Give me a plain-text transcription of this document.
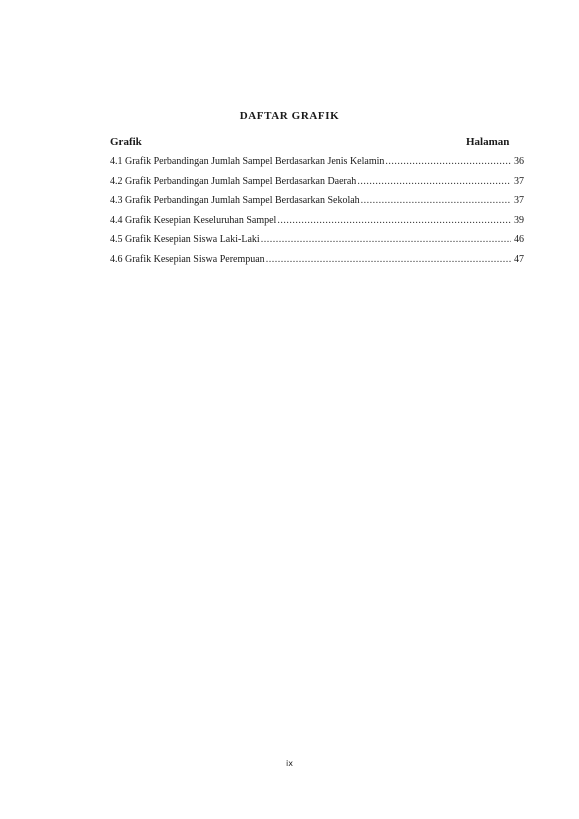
DAFTAR GRAFIK
Grafik	Halaman
4.1 Grafik Perbandingan Jumlah Sampel Berdasarkan Jenis Kelamin .....	36
4.2 Grafik Perbandingan Jumlah Sampel Berdasarkan Daerah .....	37
4.3 Grafik Perbandingan Jumlah Sampel Berdasarkan Sekolah .....	37
4.4 Grafik Kesepian Keseluruhan Sampel .....	39
4.5 Grafik Kesepian Siswa Laki-Laki .....	46
4.6 Grafik Kesepian Siswa Perempuan .....	47
ix
